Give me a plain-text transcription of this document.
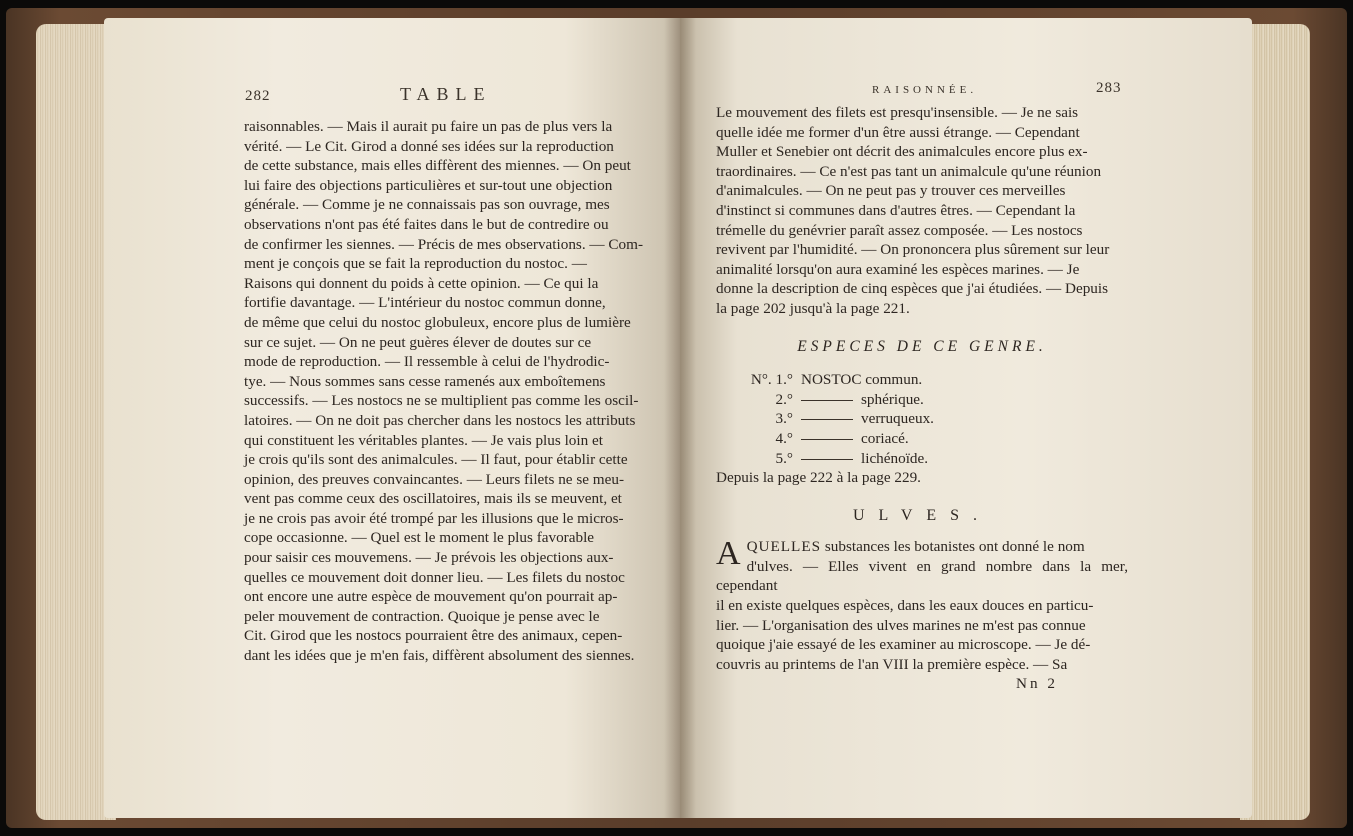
282	TABLE

raisonnables. — Mais il aurait pu faire un pas de plus vers la

vérité. — Le Cit. Girod a donné ses idées sur la reproduction

de cette substance, mais elles diffèrent des miennes. — On peut

lui faire des objections particulières et sur-tout une objection

générale. — Comme je ne connaissais pas son ouvrage, mes

observations n'ont pas été faites dans le but de contredire ou

de confirmer les siennes. — Précis de mes observations. — Com-

ment je conçois que se fait la reproduction du nostoc. —

Raisons qui donnent du poids à cette opinion. — Ce qui la

fortifie davantage. — L'intérieur du nostoc commun donne,

de même que celui du nostoc globuleux, encore plus de lumière

sur ce sujet. — On ne peut guères élever de doutes sur ce

mode de reproduction. — Il ressemble à celui de l'hydrodic-

tye. — Nous sommes sans cesse ramenés aux emboîtemens

successifs. — Les nostocs ne se multiplient pas comme les oscil-

latoires. — On ne doit pas chercher dans les nostocs les attributs

qui constituent les véritables plantes. — Je vais plus loin et

je crois qu'ils sont des animalcules. — Il faut, pour établir cette

opinion, des preuves convaincantes. — Leurs filets ne se meu-

vent pas comme ceux des oscillatoires, mais ils se meuvent, et

je ne crois pas avoir été trompé par les illusions que le micros-

cope occasionne. — Quel est le moment le plus favorable

pour saisir ces mouvemens. — Je prévois les objections aux-

quelles ce mouvement doit donner lieu. — Les filets du nostoc

ont encore une autre espèce de mouvement qu'on pourrait ap-

peler mouvement de contraction. Quoique je pense avec le

Cit. Girod que les nostocs pourraient être des animaux, cepen-

dant les idées que je m'en fais, diffèrent absolument des siennes.

RAISONNÉE.	283

Le mouvement des filets est presqu'insensible. — Je ne sais

quelle idée me former d'un être aussi étrange. — Cependant

Muller et Senebier ont décrit des animalcules encore plus ex-

traordinaires. — Ce n'est pas tant un animalcule qu'une réunion

d'animalcules. — On ne peut pas y trouver ces merveilles

d'instinct si communes dans d'autres êtres. — Cependant la

trémelle du genévrier paraît assez composée. — Les nostocs

revivent par l'humidité. — On prononcera plus sûrement sur leur

animalité lorsqu'on aura examiné les espèces marines. — Je

donne la description de cinq espèces que j'ai étudiées. — Depuis

la page 202 jusqu'à la page 221.

ESPECES DE CE GENRE.
N°. 1.° NOSTOC commun.
2.°	sphérique.
3.°	verruqueux.
4.°	coriacé.
5.°	lichénoïde.

Depuis la page 222 à la page 229.

ULVES.

A QUELLES substances les botanistes ont donné le nom

d'ulves. — Elles vivent en grand nombre dans la mer, cependant

il en existe quelques espèces, dans les eaux douces en particu-

lier. — L'organisation des ulves marines ne m'est pas connue

quoique j'aie essayé de les examiner au microscope. — Je dé-

couvris au printems de l'an VIII la première espèce. — Sa

Nn 2
